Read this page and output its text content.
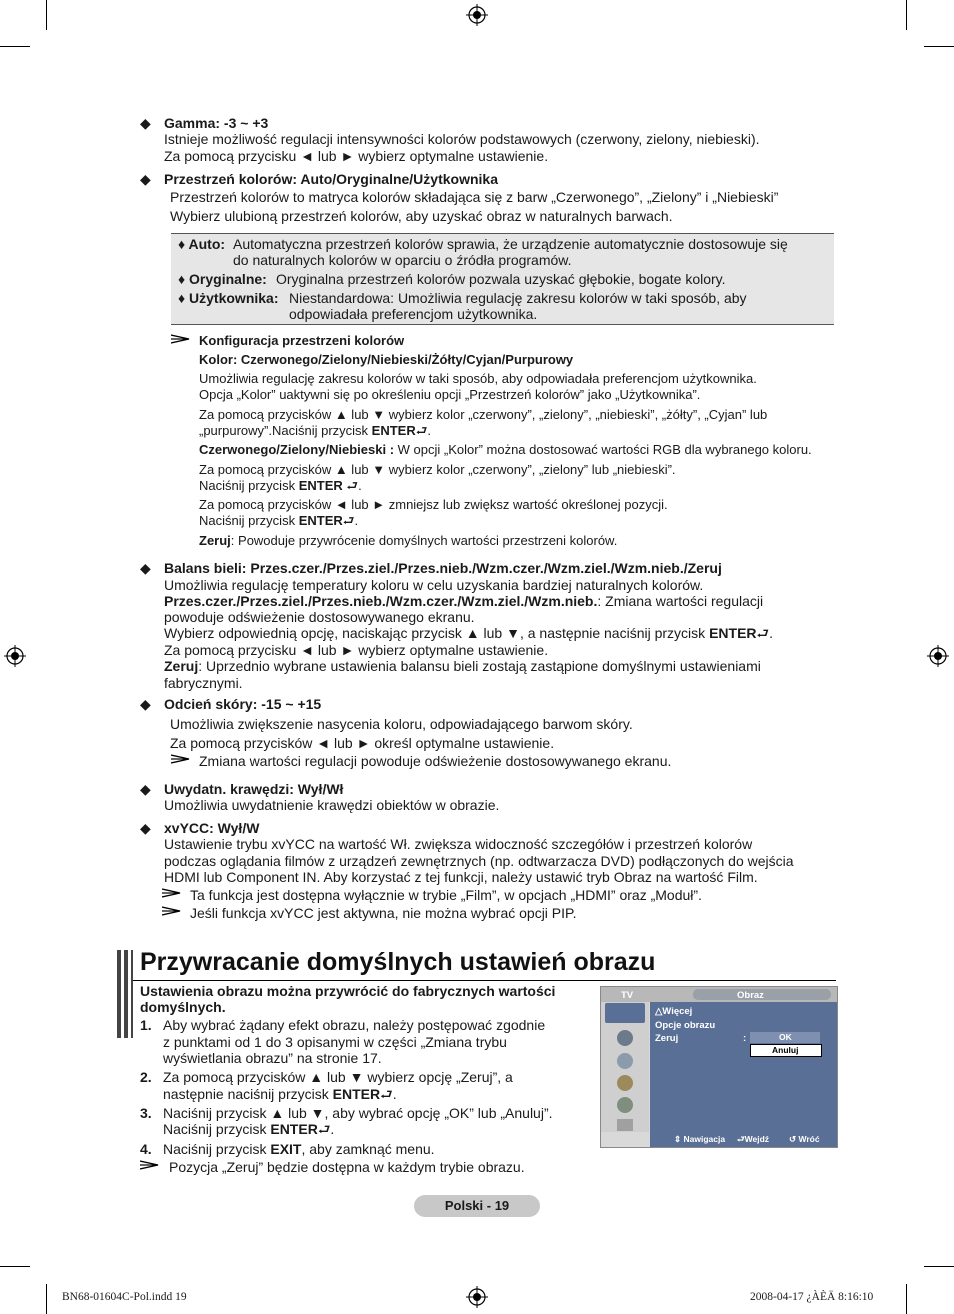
◆ Gamma: -3 ~ +3
Istnieje możliwość regulacji intensywności kolorów podstawowych (czerwony, zielony, niebieski).
Za pomocą przycisku ◄ lub ► wybierz optymalne ustawienie.
◆ Przestrzeń kolorów: Auto/Oryginalne/Użytkownika
Przestrzeń kolorów to matryca kolorów składająca się z barw „Czerwonego”, „Zielony” i „Niebieski”
Wybierz ulubioną przestrzeń kolorów, aby uzyskać obraz w naturalnych barwach.
♦ Auto: Automatyczna przestrzeń kolorów sprawia, że urządzenie automatycznie dostosowuje się
do naturalnych kolorów w oparciu o źródła programów.
♦ Oryginalne: Oryginalna przestrzeń kolorów pozwala uzyskać głębokie, bogate kolory.
♦ Użytkownika: Niestandardowa: Umożliwia regulację zakresu kolorów w taki sposób, aby
odpowiadała preferencjom użytkownika.
Konfiguracja przestrzeni kolorów
Kolor: Czerwonego/Zielony/Niebieski/Żółty/Cyjan/Purpurowy
Umożliwia regulację zakresu kolorów w taki sposób, aby odpowiadała preferencjom użytkownika.
Opcja „Kolor” uaktywni się po określeniu opcji „Przestrzeń kolorów” jako „Użytkownika”.
Za pomocą przycisków ▲ lub ▼ wybierz kolor „czerwony”, „zielony”, „niebieski”, „żółty”, „Cyjan” lub
„purpurowy”.Naciśnij przycisk ENTER⮐.
Czerwonego/Zielony/Niebieski : W opcji „Kolor” można dostosować wartości RGB dla wybranego koloru.
Za pomocą przycisków ▲ lub ▼ wybierz kolor „czerwony”, „zielony” lub „niebieski”.
Naciśnij przycisk ENTER ⮐.
Za pomocą przycisków ◄ lub ► zmniejsz lub zwiększ wartość określonej pozycji.
Naciśnij przycisk ENTER⮐.
Zeruj: Powoduje przywrócenie domyślnych wartości przestrzeni kolorów.
◆ Balans bieli: Przes.czer./Przes.ziel./Przes.nieb./Wzm.czer./Wzm.ziel./Wzm.nieb./Zeruj
Umożliwia regulację temperatury koloru w celu uzyskania bardziej naturalnych kolorów.
Przes.czer./Przes.ziel./Przes.nieb./Wzm.czer./Wzm.ziel./Wzm.nieb.: Zmiana wartości regulacji
powoduje odświeżenie dostosowywanego ekranu.
Wybierz odpowiednią opcję, naciskając przycisk ▲ lub ▼, a następnie naciśnij przycisk ENTER⮐.
Za pomocą przycisku ◄ lub ► wybierz optymalne ustawienie.
Zeruj: Uprzednio wybrane ustawienia balansu bieli zostają zastąpione domyślnymi ustawieniami
fabrycznymi.
◆ Odcień skóry: -15 ~ +15
Umożliwia zwiększenie nasycenia koloru, odpowiadającego barwom skóry.
Za pomocą przycisków ◄ lub ► określ optymalne ustawienie.
Zmiana wartości regulacji powoduje odświeżenie dostosowywanego ekranu.
◆ Uwydatn. krawędzi: Wył/Wł
Umożliwia uwydatnienie krawędzi obiektów w obrazie.
◆ xvYCC: Wył/W
Ustawienie trybu xvYCC na wartość Wł. zwiększa widoczność szczegółów i przestrzeń kolorów
podczas oglądania filmów z urządzeń zewnętrznych (np. odtwarzacza DVD) podłączonych do wejścia
HDMI lub Component IN. Aby korzystać z tej funkcji, należy ustawić tryb Obraz na wartość Film.
Ta funkcja jest dostępna wyłącznie w trybie „Film”, w opcjach „HDMI” oraz „Moduł”.
Jeśli funkcja xvYCC jest aktywna, nie można wybrać opcji PIP.
Przywracanie domyślnych ustawień obrazu
Ustawienia obrazu można przywrócić do fabrycznych wartości
domyślnych.
1. Aby wybrać żądany efekt obrazu, należy postępować zgodnie
z punktami od 1 do 3 opisanymi w części „Zmiana trybu
wyświetlania obrazu” na stronie 17.
2. Za pomocą przycisków ▲ lub ▼ wybierz opcję „Zeruj”, a
następnie naciśnij przycisk ENTER⮐.
3. Naciśnij przycisk ▲ lub ▼, aby wybrać opcję „OK” lub „Anuluj”.
Naciśnij przycisk ENTER⮐.
4. Naciśnij przycisk EXIT, aby zamknąć menu.
Pozycja „Zeruj” będzie dostępna w każdym trybie obrazu.
TV	Obraz
△Więcej
Opcje obrazu
Zeruj	:	OK
Anuluj
⇕ Nawigacja ⮐Wejdź ↺ Wróć
Polski - 19
BN68-01604C-Pol.indd 19	2008-04-17 ¿ÀÈÄ 8:16:10
